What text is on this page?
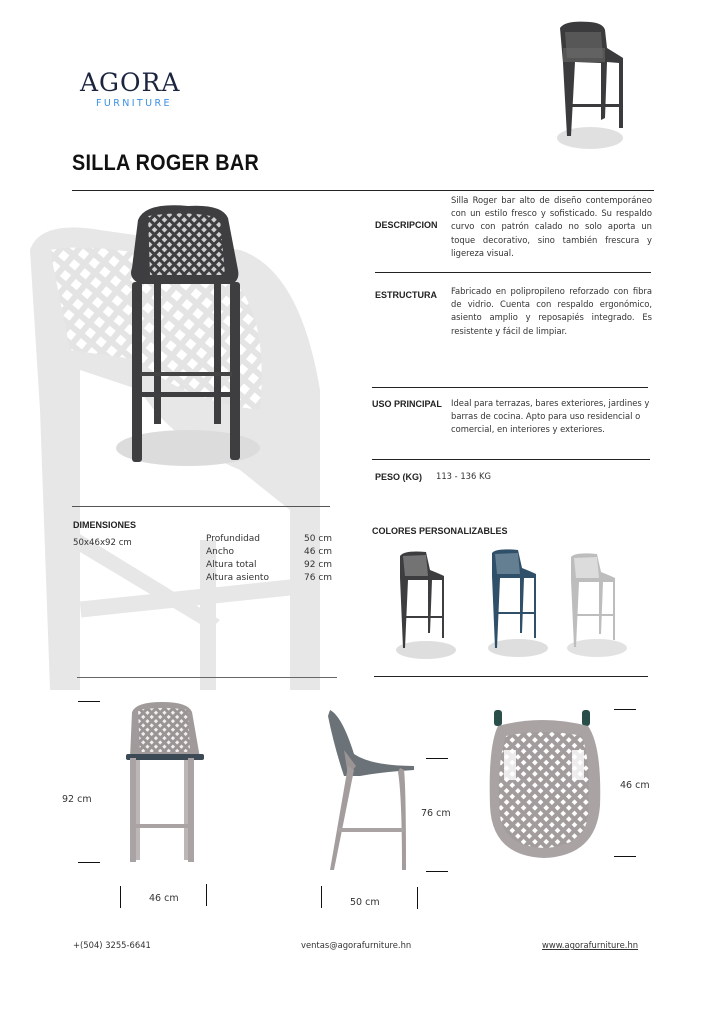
AGORA
FURNITURE
SILLA ROGER BAR
DESCRIPCION
Silla Roger bar alto de diseño contemporáneo con un estilo fresco y sofisticado. Su respaldo curvo con patrón calado no solo aporta un toque decorativo, sino también frescura y ligereza visual.
ESTRUCTURA Fabricado en polipropileno reforzado con fibra de vidrio. Cuenta con respaldo ergonómico, asiento amplio y reposapiés integrado. Es resistente y fácil de limpiar.
USO PRINCIPAL Ideal para terrazas, bares exteriores, jardines y barras de cocina. Apto para uso residencial o comercial, en interiores y exteriores.
PESO (KG) 113 - 136 KG
DIMENSIONES
50x46x92 cm	Profundidad	50 cm
Ancho	46 cm
Altura total	92 cm
Altura asiento	76 cm
COLORES PERSONALIZABLES
92 cm
46 cm
76 cm
50 cm
46 cm
+(504) 3255-6641	ventas@agorafurniture.hn	www.agorafurniture.hn
